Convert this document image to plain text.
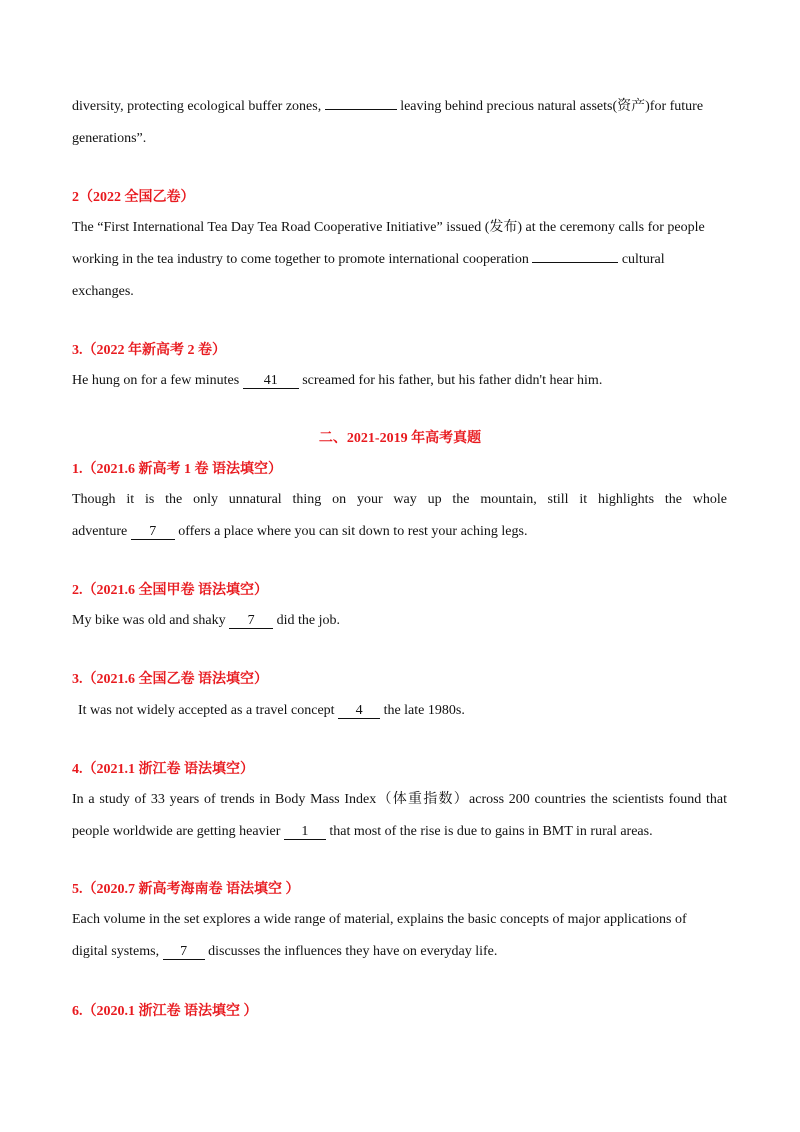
diversity, protecting ecological buffer zones,	leaving behind precious natural assets(资产)for future
generations”.
2（2022 全国乙卷）
The “First International Tea Day Tea Road Cooperative Initiative” issued (发布) at the ceremony calls for people
working in the tea industry to come together to promote international cooperation	cultural
exchanges.
3.（2022 年新高考 2 卷）
He hung on for a few minutes 41 screamed for his father, but his father didn't hear him.
二、2021-2019 年高考真题
1.（2021.6 新高考 1 卷 语法填空）
Though it is the only unnatural thing on your way up the mountain, still it highlights the whole
adventure 7 offers a place where you can sit down to rest your aching legs.
2.（2021.6 全国甲卷 语法填空）
My bike was old and shaky 7 did the job.
3.（2021.6 全国乙卷 语法填空）
It was not widely accepted as a travel concept 4 the late 1980s.
4.（2021.1 浙江卷 语法填空）
In a study of 33 years of trends in Body Mass Index（体重指数）across 200 countries the scientists found that
people worldwide are getting heavier 1 that most of the rise is due to gains in BMT in rural areas.
5.（2020.7 新高考海南卷 语法填空 ）
Each volume in the set explores a wide range of material, explains the basic concepts of major applications of
digital systems, 7 discusses the influences they have on everyday life.
6.（2020.1 浙江卷 语法填空 ）
